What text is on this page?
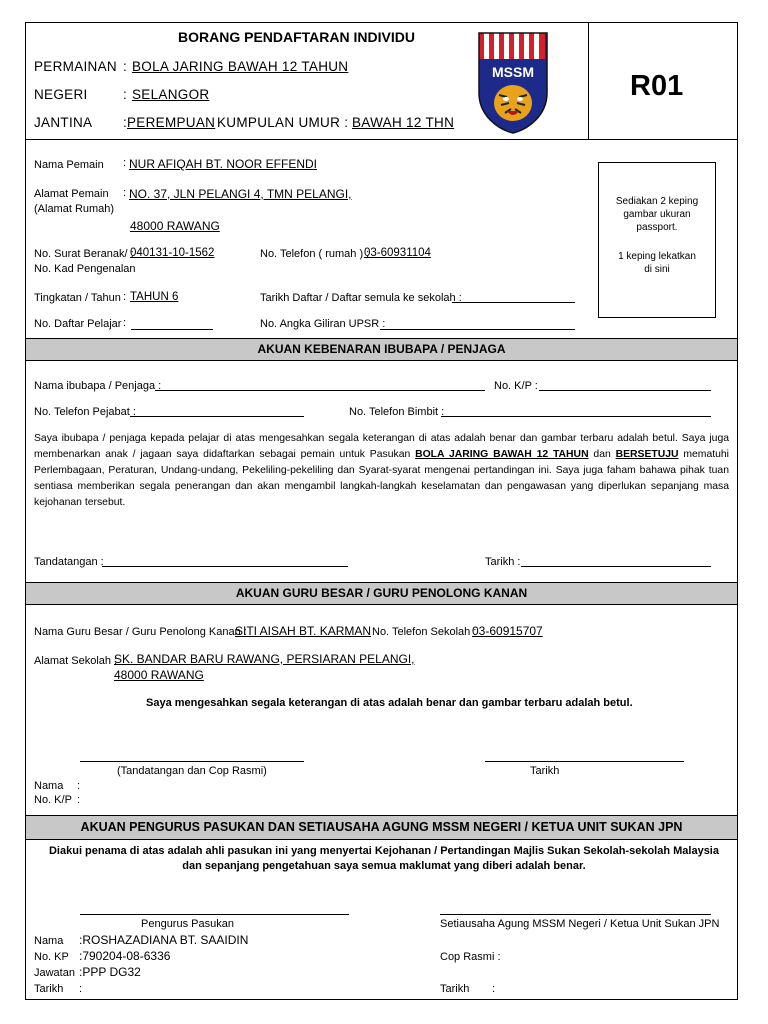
BORANG PENDAFTARAN INDIVIDU
PERMAINAN : BOLA JARING BAWAH 12 TAHUN
NEGERI	: SELANGOR
JANTINA : PEREMPUAN KUMPULAN UMUR : BAWAH 12 THN
MSSM	R01
Nama Pemain : NUR AFIQAH BT. NOOR EFFENDI
Alamat Pemain
(Alamat Rumah)
: NO. 37, JLN PELANGI 4, TMN PELANGI,
48000 RAWANG
No. Surat Beranak/ :
040131-10-1562
No. Kad Pengenalan
No. Telefon ( rumah ) :
03-60931104
Tingkatan / Tahun : TAHUN 6	Tarikh Daftar / Daftar semula ke sekolah :
No. Daftar Pelajar :	No. Angka Giliran UPSR :
Sediakan 2 keping
gambar ukuran
passport.
1 keping lekatkan
di sini
AKUAN KEBENARAN IBUBAPA / PENJAGA
Nama ibubapa / Penjaga :	No. K/P :
No. Telefon Pejabat :	No. Telefon Bimbit :
Saya ibubapa / penjaga kepada pelajar di atas mengesahkan segala keterangan di atas adalah benar dan gambar terbaru adalah betul. Saya juga membenarkan anak / jagaan saya didaftarkan sebagai pemain untuk Pasukan BOLA JARING BAWAH 12 TAHUN dan BERSETUJU mematuhi Perlembagaan, Peraturan, Undang-undang, Pekeliling-pekeliling dan Syarat-syarat mengenai pertandingan ini. Saya juga faham bahawa pihak tuan sentiasa memberikan segala penerangan dan akan mengambil langkah-langkah keselamatan dan pengawasan yang diperlukan sepanjang masa kejohanan tersebut.
Tandatangan :	Tarikh :
AKUAN GURU BESAR / GURU PENOLONG KANAN
Nama Guru Besar / Guru Penolong Kanan :
SITI AISAH BT. KARMAN No. Telefon Sekolah :
03-60915707
Alamat Sekolah :
SK. BANDAR BARU RAWANG, PERSIARAN PELANGI,
48000 RAWANG
Saya mengesahkan segala keterangan di atas adalah benar dan gambar terbaru adalah betul.
(Tandatangan dan Cop Rasmi)	Tarikh
Nama :
No. K/P :
AKUAN PENGURUS PASUKAN DAN SETIAUSAHA AGUNG MSSM NEGERI / KETUA UNIT SUKAN JPN
Diakui penama di atas adalah ahli pasukan ini yang menyertai Kejohanan / Pertandingan Majlis Sukan Sekolah-sekolah Malaysia
dan sepanjang pengetahuan saya semua maklumat yang diberi adalah benar.
Pengurus Pasukan	Setiausaha Agung MSSM Negeri / Ketua Unit Sukan JPN
Nama :ROSHAZADIANA BT. SAAIDIN
No. KP :790204-08-6336
Jawatan :PPP DG32
Tarikh :
Cop Rasmi :
Tarikh :
